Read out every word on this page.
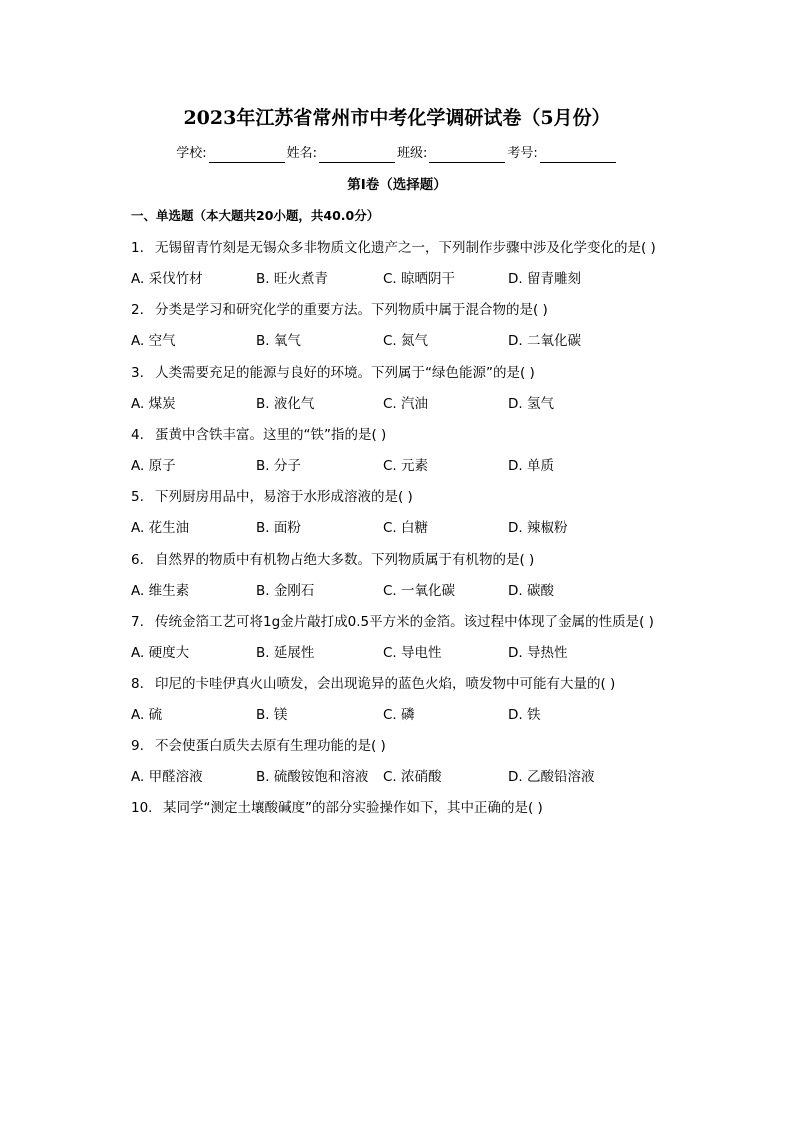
2023年江苏省常州市中考化学调研试卷（5月份）
学校:	姓名:	班级:	考号:
第I卷（选择题）
一、单选题（本大题共20小题，共40.0分）
1. 无锡留青竹刻是无锡众多非物质文化遗产之一，下列制作步骤中涉及化学变化的是( )
A. 采伐竹材	B. 旺火煮青	C. 晾晒阴干	D. 留青雕刻
2. 分类是学习和研究化学的重要方法。下列物质中属于混合物的是( )
A. 空气	B. 氧气	C. 氮气	D. 二氧化碳
3. 人类需要充足的能源与良好的环境。下列属于“绿色能源”的是( )
A. 煤炭	B. 液化气	C. 汽油	D. 氢气
4. 蛋黄中含铁丰富。这里的“铁”指的是( )
A. 原子	B. 分子	C. 元素	D. 单质
5. 下列厨房用品中，易溶于水形成溶液的是( )
A. 花生油	B. 面粉	C. 白糖	D. 辣椒粉
6. 自然界的物质中有机物占绝大多数。下列物质属于有机物的是( )
A. 维生素	B. 金刚石	C. 一氧化碳	D. 碳酸
7. 传统金箔工艺可将1g金片敲打成0.5平方米的金箔。该过程中体现了金属的性质是( )
A. 硬度大	B. 延展性	C. 导电性	D. 导热性
8. 印尼的卡哇伊真火山喷发，会出现诡异的蓝色火焰，喷发物中可能有大量的( )
A. 硫	B. 镁	C. 磷	D. 铁
9. 不会使蛋白质失去原有生理功能的是( )
A. 甲醛溶液	B. 硫酸铵饱和溶液 C. 浓硝酸	D. 乙酸铅溶液
10. 某同学“测定土壤酸碱度”的部分实验操作如下，其中正确的是( )
